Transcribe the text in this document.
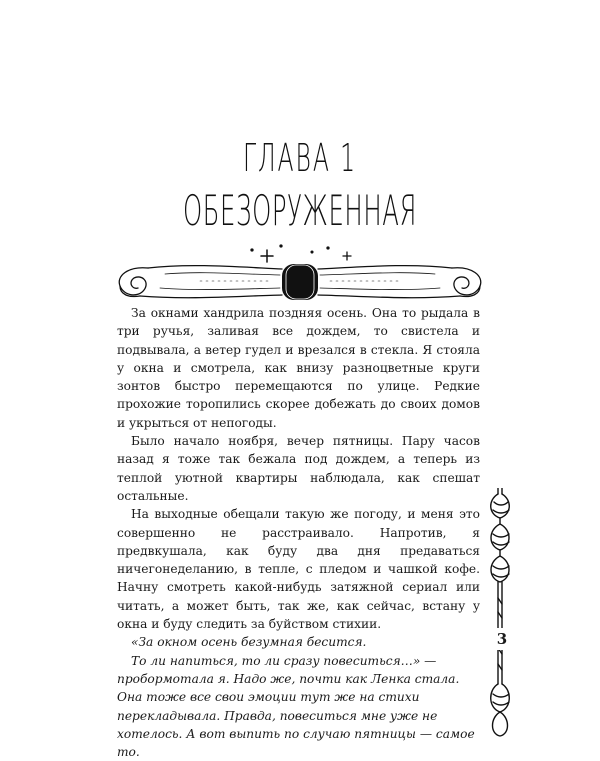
ГЛАВА 1
ОБЕЗОРУЖЕННАЯ

За окнами хандрила поздняя осень. Она то рыдала в три ручья, заливая все дождем, то свистела и подвывала, а ветер гудел и врезался в стекла. Я стояла у окна и смотрела, как внизу разноцветные круги зонтов быстро перемещаются по улице. Редкие прохожие торопились скорее добежать до своих домов и укрыться от непогоды.

Было начало ноября, вечер пятницы. Пару часов назад я тоже так бежала под дождем, а теперь из теплой уютной квартиры наблюдала, как спешат остальные.

На выходные обещали такую же погоду, и меня это совершенно не расстраивало. Напротив, я предвкушала, как буду два дня предаваться ничегонеделанию, в тепле, с пледом и чашкой кофе. Начну смотреть какой-нибудь затяжной сериал или читать, а может быть, так же, как сейчас, встану у окна и буду следить за буйством стихии.

«За окном осень безумная бесится.

То ли напиться, то ли сразу повеситься…» — пробормотала я. Надо же, почти как Ленка стала. Она тоже все свои эмоции тут же на стихи перекладывала. Правда, повеситься мне уже не хотелось. А вот выпить по случаю пятницы — самое то.

3
